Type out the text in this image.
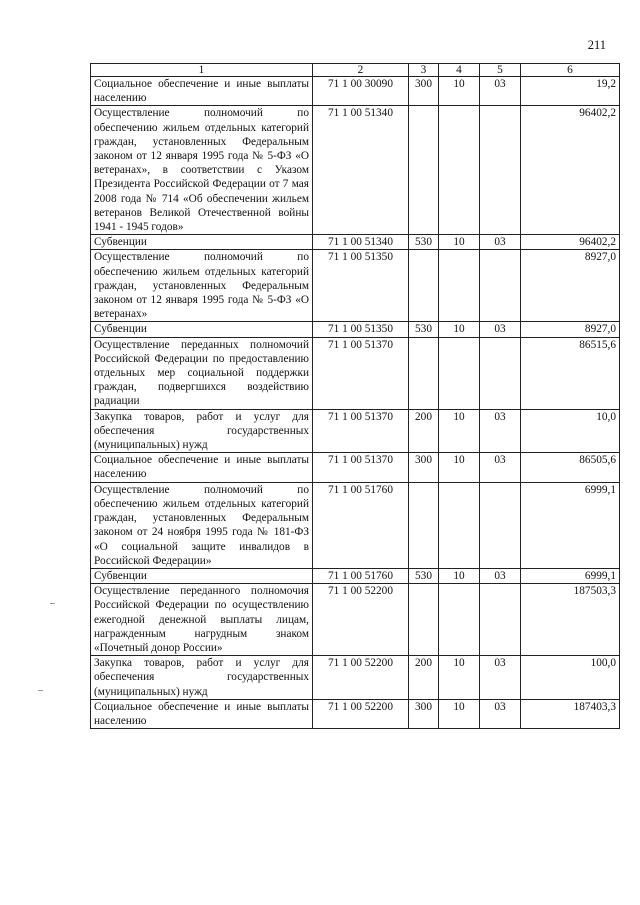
211
1	2	3	4	5	6
Социальное обеспечение и иные выплаты населению	71 1 00 30090	300	10	03	19,2
Осуществление полномочий по обеспечению жильем отдельных категорий граждан, установленных Федеральным законом от 12 января 1995 года № 5-ФЗ «О ветеранах», в соответствии с Указом Президента Российской Федерации от 7 мая 2008 года № 714 «Об обеспечении жильем ветеранов Великой Отечественной войны 1941 - 1945 годов»	71 1 00 51340				96402,2
Субвенции	71 1 00 51340	530	10	03	96402,2
Осуществление полномочий по обеспечению жильем отдельных категорий граждан, установленных Федеральным законом от 12 января 1995 года № 5-ФЗ «О ветеранах»	71 1 00 51350				8927,0
Субвенции	71 1 00 51350	530	10	03	8927,0
Осуществление переданных полномочий Российской Федерации по предоставлению отдельных мер социальной поддержки граждан, подвергшихся воздействию радиации	71 1 00 51370				86515,6
Закупка товаров, работ и услуг для обеспечения государственных (муниципальных) нужд	71 1 00 51370	200	10	03	10,0
Социальное обеспечение и иные выплаты населению	71 1 00 51370	300	10	03	86505,6
Осуществление полномочий по обеспечению жильем отдельных категорий граждан, установленных Федеральным законом от 24 ноября 1995 года № 181-ФЗ «О социальной защите инвалидов в Российской Федерации»	71 1 00 51760				6999,1
Субвенции	71 1 00 51760	530	10	03	6999,1
Осуществление переданного полномочия Российской Федерации по осуществлению ежегодной денежной выплаты лицам, награжденным нагрудным знаком «Почетный донор России»	71 1 00 52200				187503,3
Закупка товаров, работ и услуг для обеспечения государственных (муниципальных) нужд	71 1 00 52200	200	10	03	100,0
Социальное обеспечение и иные выплаты населению	71 1 00 52200	300	10	03	187403,3
